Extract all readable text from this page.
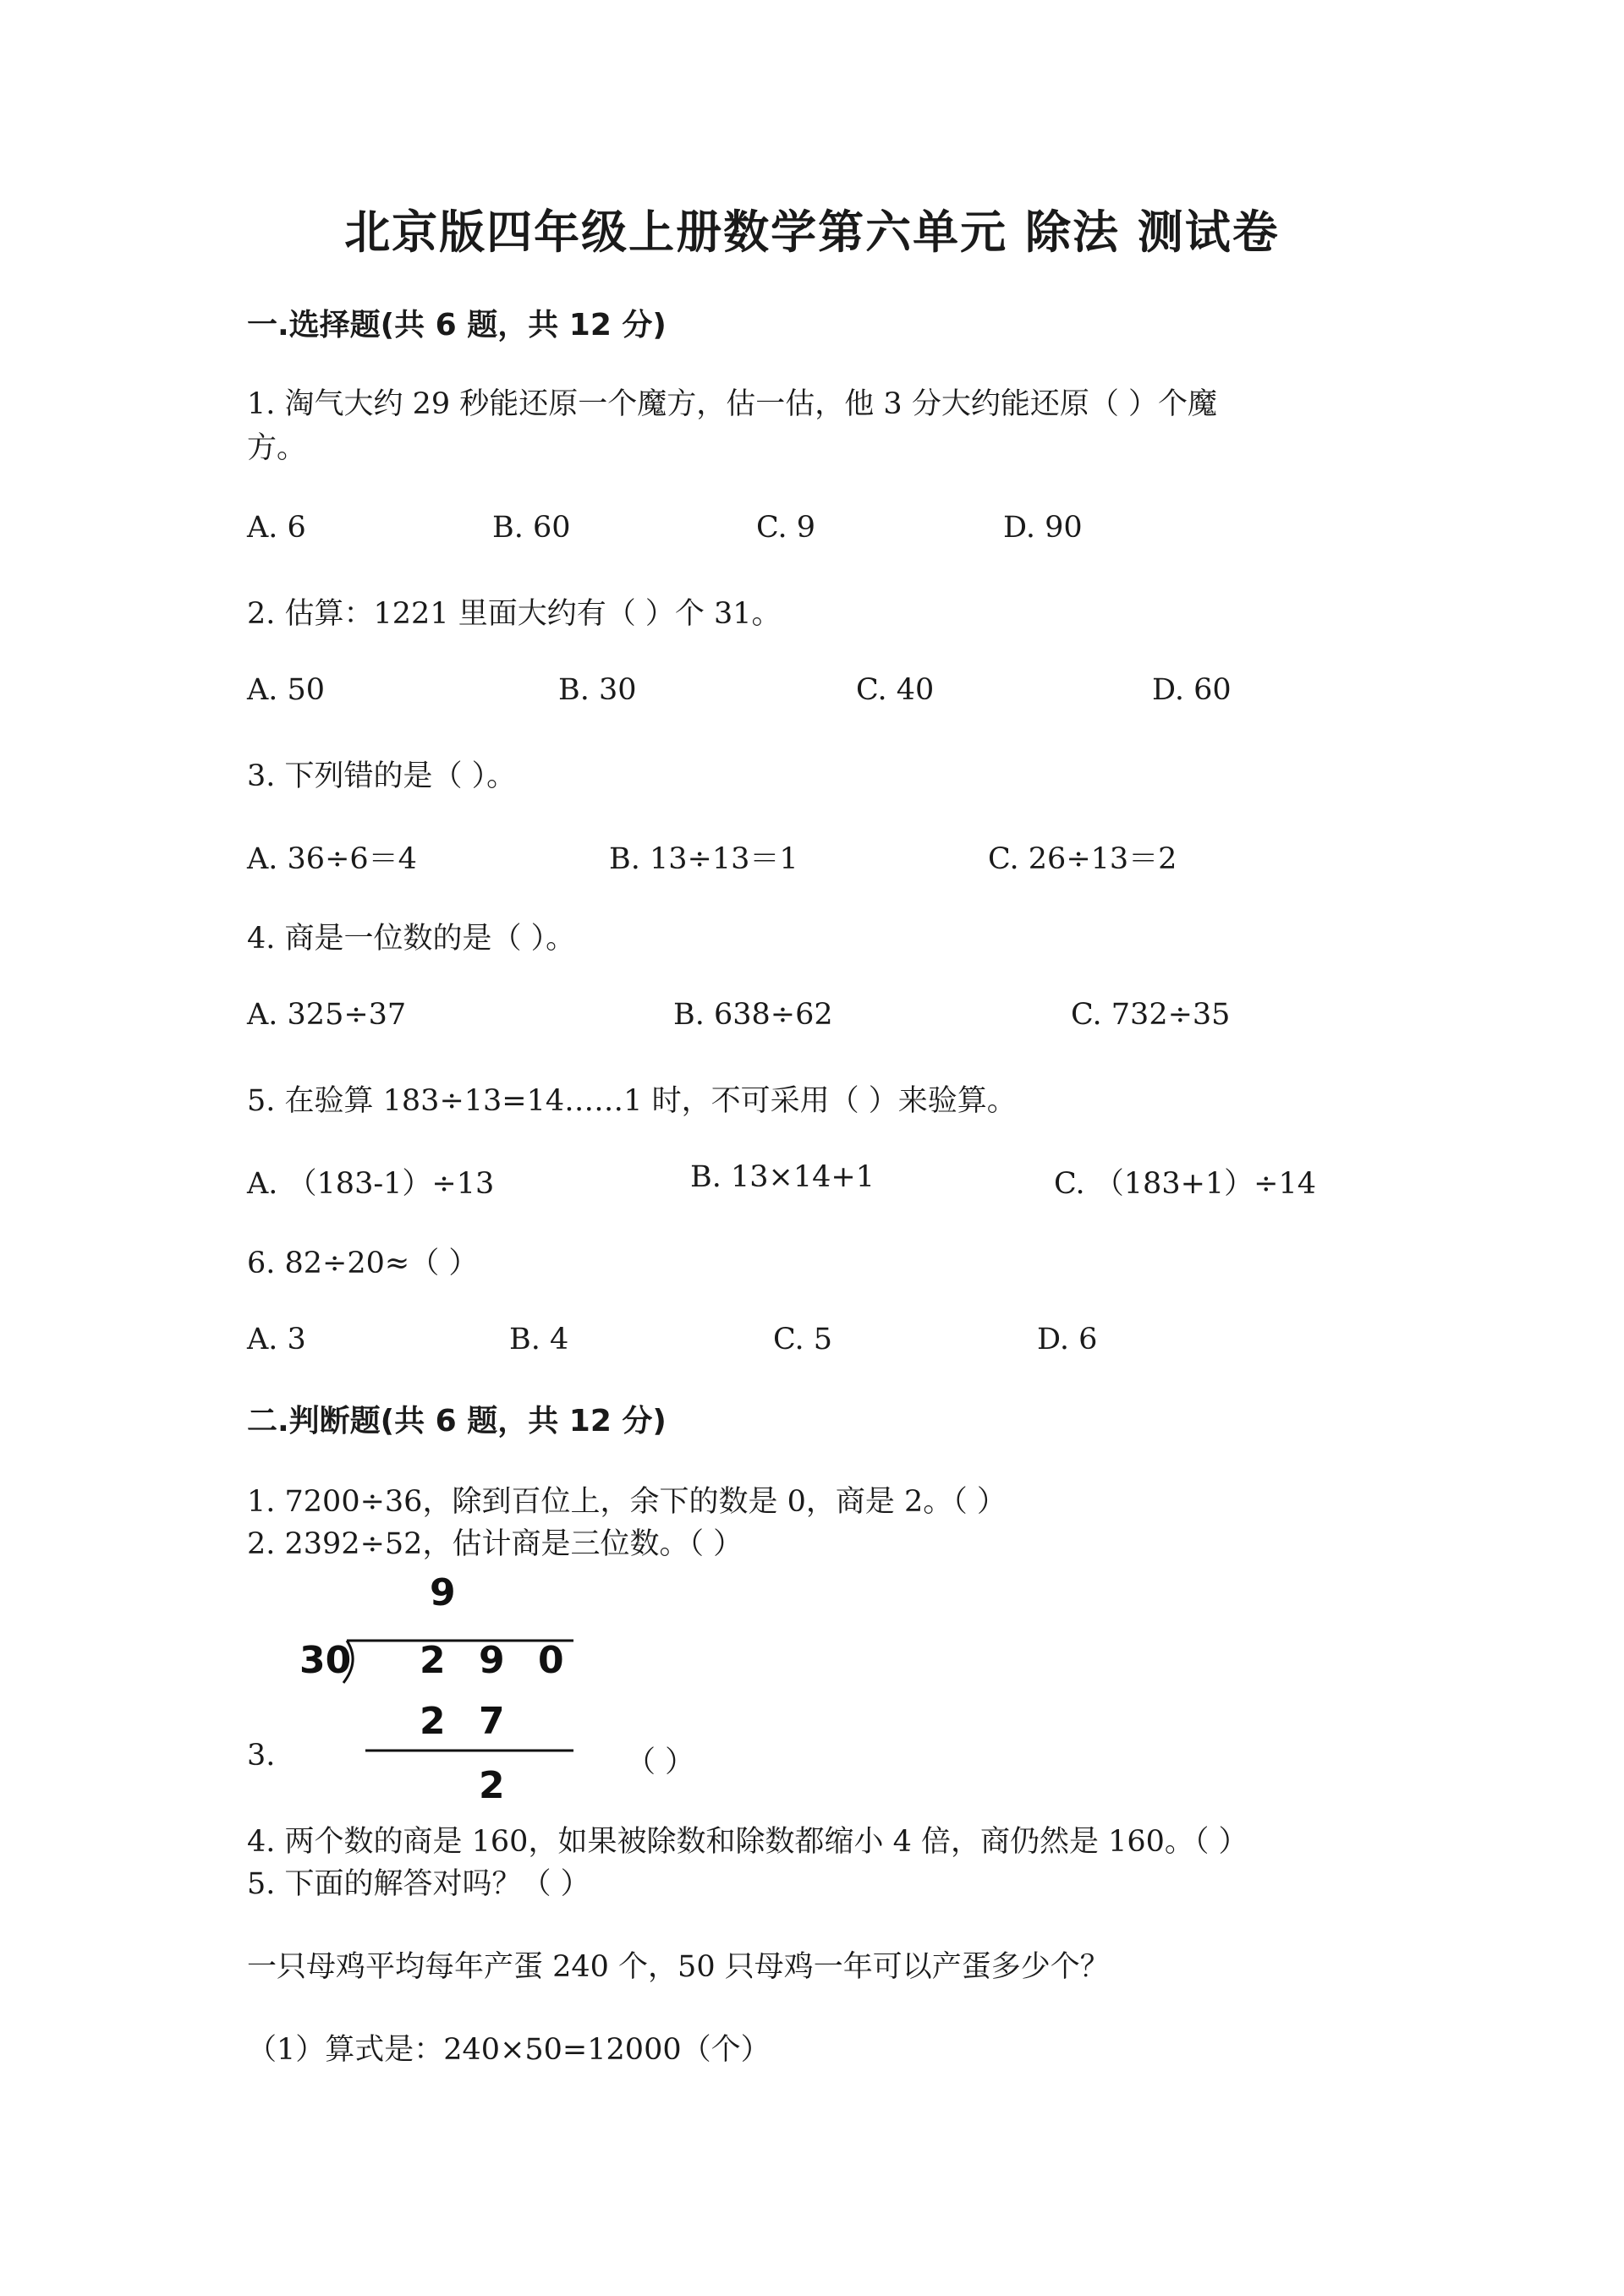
北京版四年级上册数学第六单元 除法 测试卷
一.选择题(共 6 题，共 12 分)
1. 淘气大约 29 秒能还原一个魔方，估一估，他 3 分大约能还原（ ）个魔
方。
A. 6	B. 60	C. 9	D. 90
2. 估算：1221 里面大约有（ ）个 31。
A. 50	B. 30	C. 40	D. 60
3. 下列错的是（ ）。
A. 36÷6＝4	B. 13÷13＝1	C. 26÷13＝2
4. 商是一位数的是（ ）。
A. 325÷37	B. 638÷62	C. 732÷35
5. 在验算 183÷13=14……1 时，不可采用（ ）来验算。
A. （183-1）÷13	B. 13×14+1	C. （183+1）÷14
6. 82÷20≈（ ）
A. 3	B. 4	C. 5	D. 6
二.判断题(共 6 题，共 12 分)
1. 7200÷36，除到百位上，余下的数是 0，商是 2。（ ）
2. 2392÷52，估计商是三位数。（ ）
9
30 2 9 0
2 7
2
3.	（ ）
4. 两个数的商是 160，如果被除数和除数都缩小 4 倍，商仍然是 160。（ ）
5. 下面的解答对吗？（ ）
一只母鸡平均每年产蛋 240 个，50 只母鸡一年可以产蛋多少个？
（1）算式是：240×50=12000（个）
